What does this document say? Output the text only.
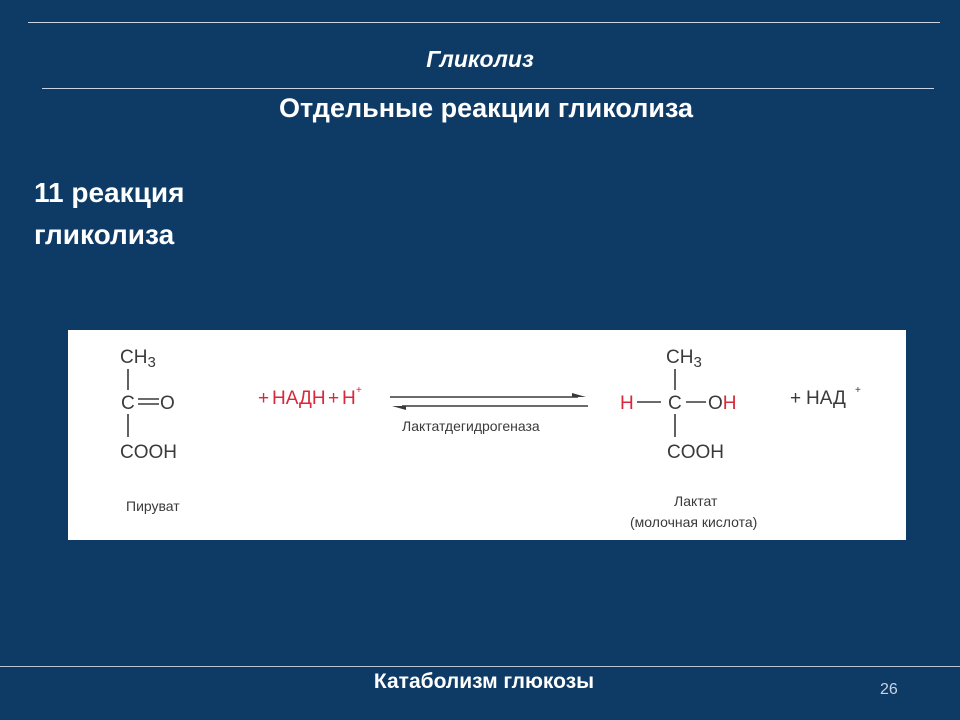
Гликолиз
Отдельные реакции гликолиза
11 реакция
гликолиза
$CH_3$
C O
COOH
Пируват
+ НАДН + Н +
Лактатдегидрогеназа
$CH_3$
H C OH
COOH
Лактат
(молочная кислота)
+ НАД +
Катаболизм глюкозы	26
